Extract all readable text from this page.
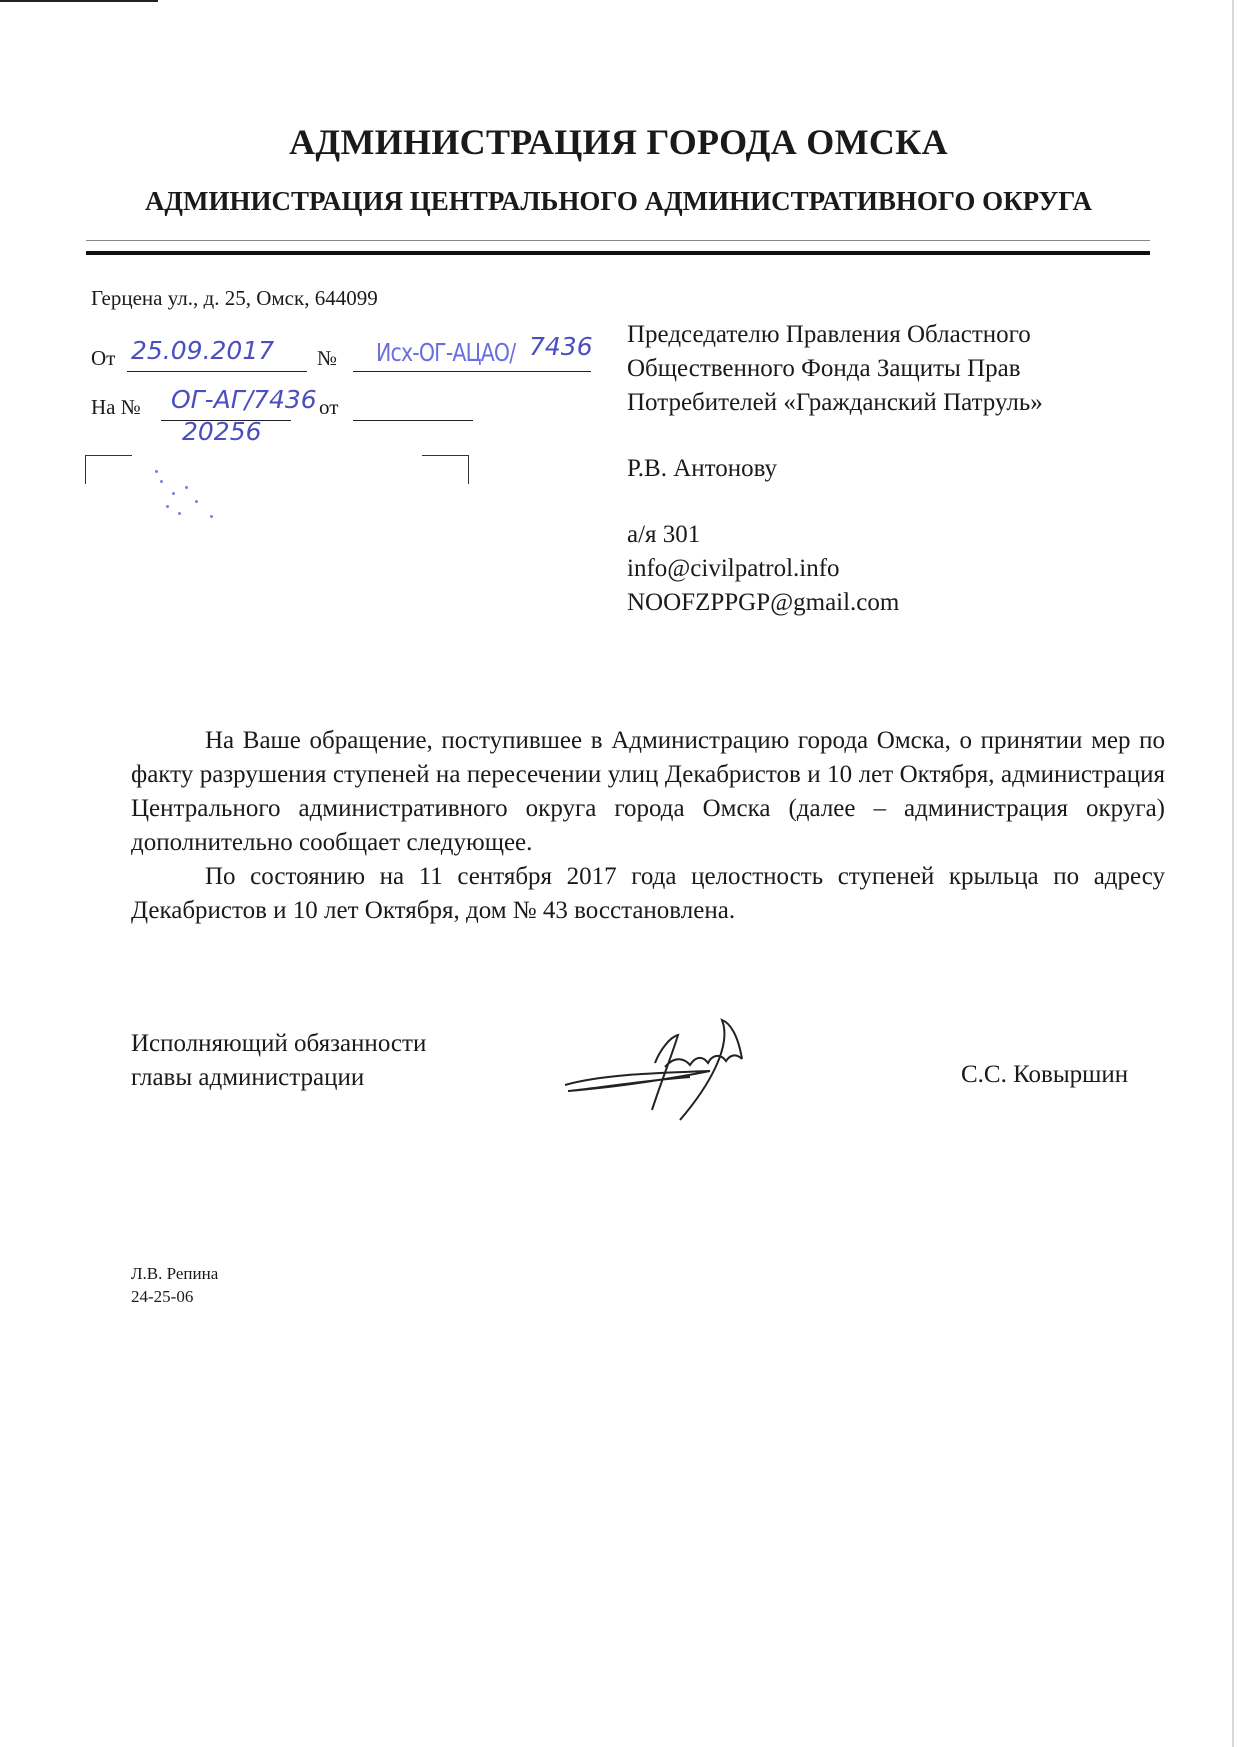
АДМИНИСТРАЦИЯ ГОРОДА ОМСКА
АДМИНИСТРАЦИЯ ЦЕНТРАЛЬНОГО АДМИНИСТРАТИВНОГО ОКРУГА
Герцена ул., д. 25, Омск, 644099
От 25.09.2017 № Исх-ОГ-АЦАО/ 7436
На № ОГ-АГ/7436
20256
от
Председателю Правления Областного
Общественного Фонда Защиты Прав
Потребителей «Гражданский Патруль»
Р.В. Антонову
а/я 301
info@civilpatrol.info
NOOFZPPGP@gmail.com

На Ваше обращение, поступившее в Администрацию города Омска, о принятии мер по факту разрушения ступеней на пересечении улиц Декабристов и 10 лет Октября, администрация Центрального административного округа города Омска (далее – администрация округа) дополнительно сообщает следующее.

По состоянию на 11 сентября 2017 года целостность ступеней крыльца по адресу Декабристов и 10 лет Октября, дом № 43 восстановлена.

Исполняющий обязанности
главы администрации	С.С. Ковыршин
Л.В. Репина
24-25-06
